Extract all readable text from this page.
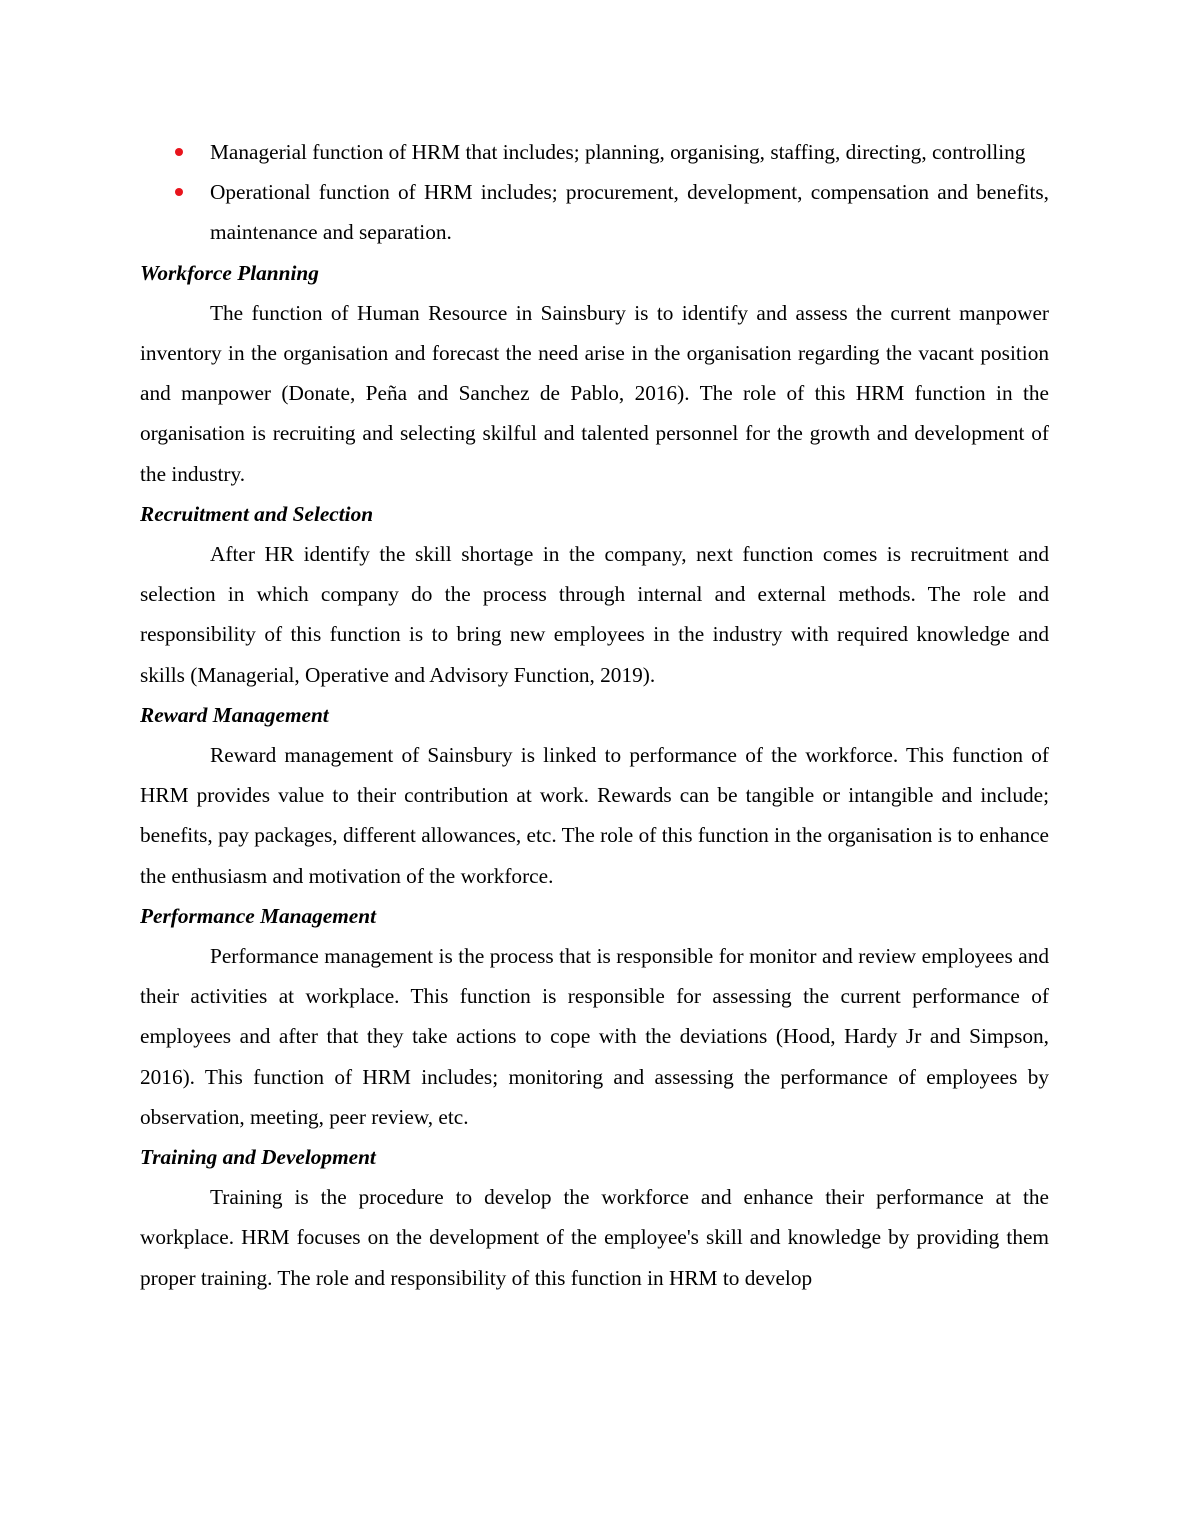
Managerial function of HRM that includes; planning, organising, staffing, directing, controlling
Operational function of HRM includes; procurement, development, compensation and benefits, maintenance and separation.
Workforce Planning

The function of Human Resource in Sainsbury is to identify and assess the current manpower inventory in the organisation and forecast the need arise in the organisation regarding the vacant position and manpower (Donate, Peña and Sanchez de Pablo, 2016). The role of this HRM function in the organisation is recruiting and selecting skilful and talented personnel for the growth and development of the industry.

Recruitment and Selection

After HR identify the skill shortage in the company, next function comes is recruitment and selection in which company do the process through internal and external methods. The role and responsibility of this function is to bring new employees in the industry with required knowledge and skills (Managerial, Operative and Advisory Function, 2019).

Reward Management

Reward management of Sainsbury is linked to performance of the workforce. This function of HRM provides value to their contribution at work. Rewards can be tangible or intangible and include; benefits, pay packages, different allowances, etc. The role of this function in the organisation is to enhance the enthusiasm and motivation of the workforce.

Performance Management

Performance management is the process that is responsible for monitor and review employees and their activities at workplace. This function is responsible for assessing the current performance of employees and after that they take actions to cope with the deviations (Hood, Hardy Jr and Simpson, 2016). This function of HRM includes; monitoring and assessing the performance of employees by observation, meeting, peer review, etc.

Training and Development

Training is the procedure to develop the workforce and enhance their performance at the workplace. HRM focuses on the development of the employee's skill and knowledge by providing them proper training. The role and responsibility of this function in HRM to develop
